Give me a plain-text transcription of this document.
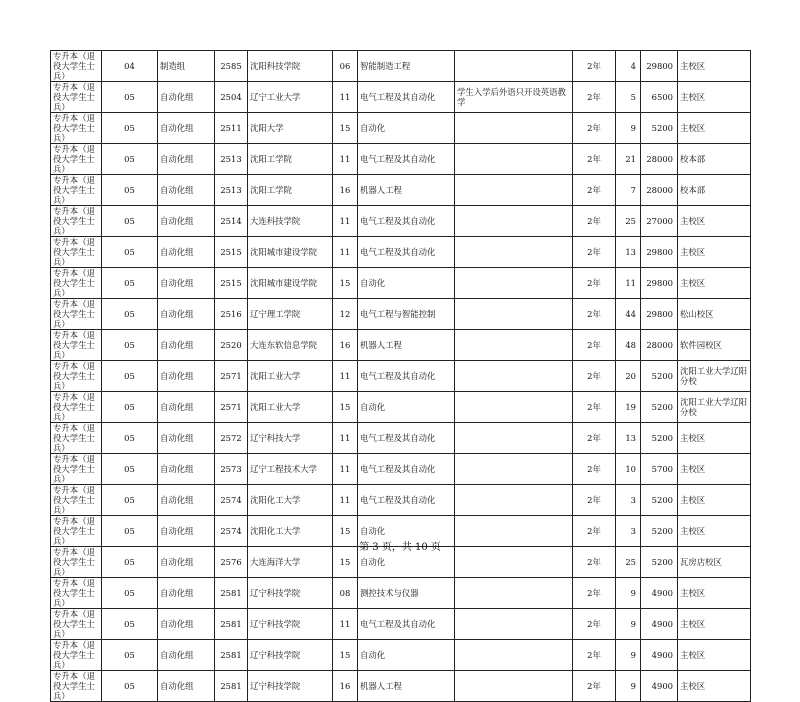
专升本（退役大学生士兵）	04	制造组	2585	沈阳科技学院	06	智能制造工程		2年	4	29800	主校区
专升本（退役大学生士兵）	05	自动化组	2504	辽宁工业大学	11	电气工程及其自动化	学生入学后外语只开设英语教学	2年	5	6500	主校区
专升本（退役大学生士兵）	05	自动化组	2511	沈阳大学	15	自动化		2年	9	5200	主校区
专升本（退役大学生士兵）	05	自动化组	2513	沈阳工学院	11	电气工程及其自动化		2年	21	28000	校本部
专升本（退役大学生士兵）	05	自动化组	2513	沈阳工学院	16	机器人工程		2年	7	28000	校本部
专升本（退役大学生士兵）	05	自动化组	2514	大连科技学院	11	电气工程及其自动化		2年	25	27000	主校区
专升本（退役大学生士兵）	05	自动化组	2515	沈阳城市建设学院	11	电气工程及其自动化		2年	13	29800	主校区
专升本（退役大学生士兵）	05	自动化组	2515	沈阳城市建设学院	15	自动化		2年	11	29800	主校区
专升本（退役大学生士兵）	05	自动化组	2516	辽宁理工学院	12	电气工程与智能控制		2年	44	29800	松山校区
专升本（退役大学生士兵）	05	自动化组	2520	大连东软信息学院	16	机器人工程		2年	48	28000	软件园校区
专升本（退役大学生士兵）	05	自动化组	2571	沈阳工业大学	11	电气工程及其自动化		2年	20	5200	沈阳工业大学辽阳分校
专升本（退役大学生士兵）	05	自动化组	2571	沈阳工业大学	15	自动化		2年	19	5200	沈阳工业大学辽阳分校
专升本（退役大学生士兵）	05	自动化组	2572	辽宁科技大学	11	电气工程及其自动化		2年	13	5200	主校区
专升本（退役大学生士兵）	05	自动化组	2573	辽宁工程技术大学	11	电气工程及其自动化		2年	10	5700	主校区
专升本（退役大学生士兵）	05	自动化组	2574	沈阳化工大学	11	电气工程及其自动化		2年	3	5200	主校区
专升本（退役大学生士兵）	05	自动化组	2574	沈阳化工大学	15	自动化		2年	3	5200	主校区
专升本（退役大学生士兵）	05	自动化组	2576	大连海洋大学	15	自动化		2年	25	5200	瓦房店校区
专升本（退役大学生士兵）	05	自动化组	2581	辽宁科技学院	08	测控技术与仪器		2年	9	4900	主校区
专升本（退役大学生士兵）	05	自动化组	2581	辽宁科技学院	11	电气工程及其自动化		2年	9	4900	主校区
专升本（退役大学生士兵）	05	自动化组	2581	辽宁科技学院	15	自动化		2年	9	4900	主校区
专升本（退役大学生士兵）	05	自动化组	2581	辽宁科技学院	16	机器人工程		2年	9	4900	主校区
第 3 页，共 10 页
